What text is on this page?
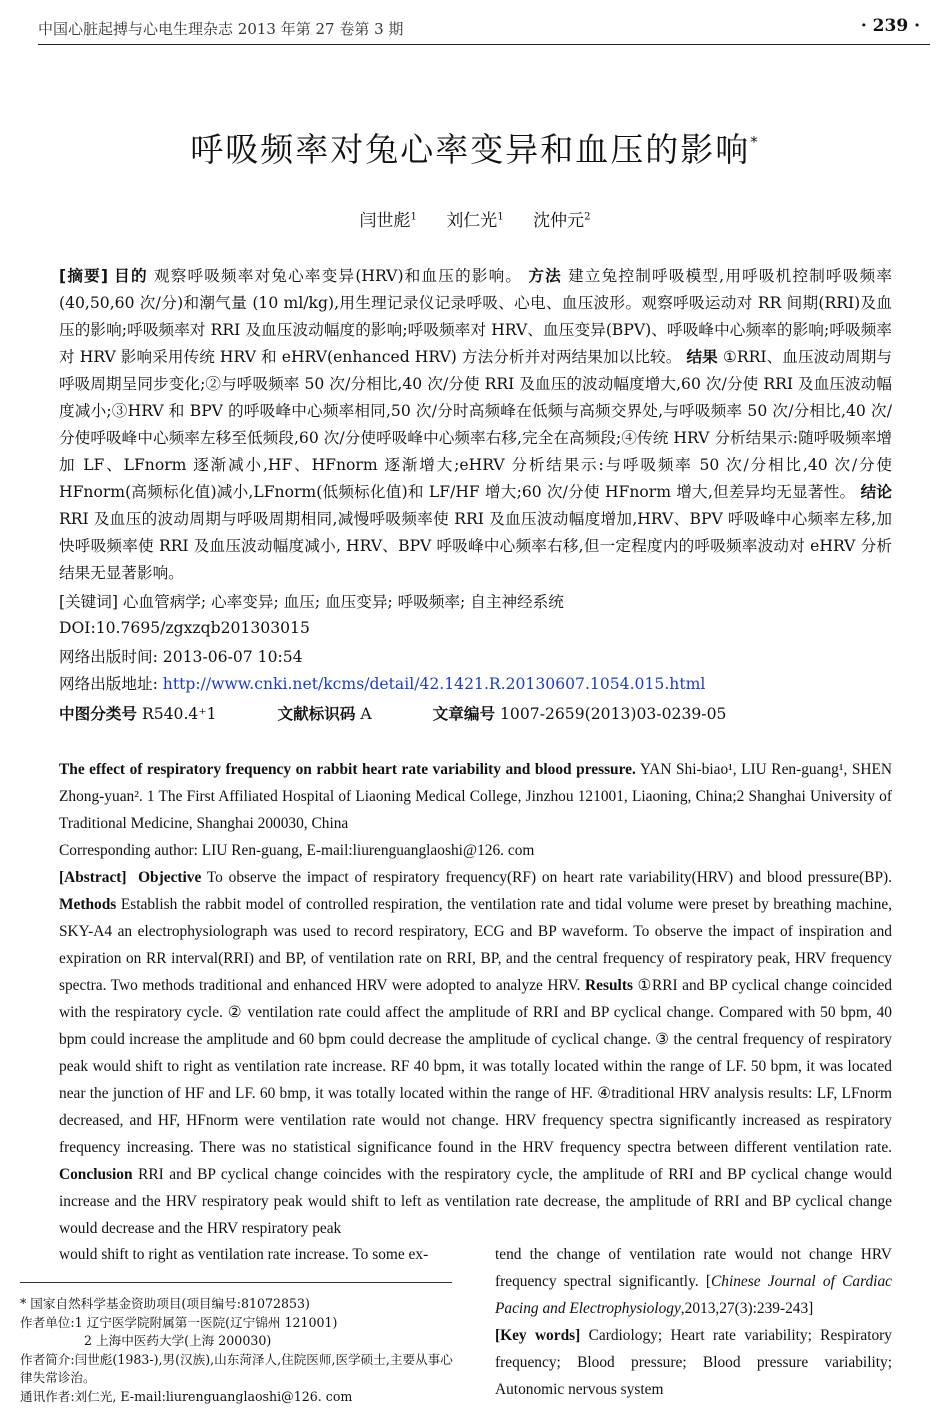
中国心脏起搏与心电生理杂志 2013 年第 27 卷第 3 期	· 239 ·
呼吸频率对兔心率变异和血压的影响*
闫世彪$^1$ 刘仁光$^1$ 沈仲元$^2$
[摘要] 目的 观察呼吸频率对兔心率变异(HRV)和血压的影响。 方法 建立兔控制呼吸模型,用呼吸机控制呼吸频率(40,50,60 次/分)和潮气量 (10 ml/kg),用生理记录仪记录呼吸、心电、血压波形。观察呼吸运动对 RR 间期(RRI)及血压的影响;呼吸频率对 RRI 及血压波动幅度的影响;呼吸频率对 HRV、血压变异(BPV)、呼吸峰中心频率的影响;呼吸频率对 HRV 影响采用传统 HRV 和 eHRV(enhanced HRV) 方法分析并对两结果加以比较。 结果 ①RRI、血压波动周期与呼吸周期呈同步变化;②与呼吸频率 50 次/分相比,40 次/分使 RRI 及血压的波动幅度增大,60 次/分使 RRI 及血压波动幅度减小;③HRV 和 BPV 的呼吸峰中心频率相同,50 次/分时高频峰在低频与高频交界处,与呼吸频率 50 次/分相比,40 次/分使呼吸峰中心频率左移至低频段,60 次/分使呼吸峰中心频率右移,完全在高频段;④传统 HRV 分析结果示:随呼吸频率增加 LF、LFnorm 逐渐减小,HF、HFnorm 逐渐增大;eHRV 分析结果示:与呼吸频率 50 次/分相比,40 次/分使 HFnorm(高频标化值)减小,LFnorm(低频标化值)和 LF/HF 增大;60 次/分使 HFnorm 增大,但差异均无显著性。 结论 RRI 及血压的波动周期与呼吸周期相同,减慢呼吸频率使 RRI 及血压波动幅度增加,HRV、BPV 呼吸峰中心频率左移,加快呼吸频率使 RRI 及血压波动幅度减小, HRV、BPV 呼吸峰中心频率右移,但一定程度内的呼吸频率波动对 eHRV 分析结果无显著影响。
[关键词] 心血管病学; 心率变异; 血压; 血压变异; 呼吸频率; 自主神经系统
DOI:10.7695/zgxzqb201303015
网络出版时间: 2013-06-07 10:54
网络出版地址: http://www.cnki.net/kcms/detail/42.1421.R.20130607.1054.015.html
中图分类号 R540.4⁺1	文献标识码 A	文章编号 1007-2659(2013)03-0239-05
The effect of respiratory frequency on rabbit heart rate variability and blood pressure. YAN Shi-biao¹, LIU Ren-guang¹, SHEN Zhong-yuan². 1 The First Affiliated Hospital of Liaoning Medical College, Jinzhou 121001, Liaoning, China;2 Shanghai University of Traditional Medicine, Shanghai 200030, China
Corresponding author: LIU Ren-guang, E-mail:liurenguanglaoshi@126. com
[Abstract] Objective To observe the impact of respiratory frequency(RF) on heart rate variability(HRV) and blood pressure(BP). Methods Establish the rabbit model of controlled respiration, the ventilation rate and tidal volume were preset by breathing machine, SKY-A4 an electrophysiolograph was used to record respiratory, ECG and BP waveform. To observe the impact of inspiration and expiration on RR interval(RRI) and BP, of ventilation rate on RRI, BP, and the central frequency of respiratory peak, HRV frequency spectra. Two methods traditional and enhanced HRV were adopted to analyze HRV. Results ①RRI and BP cyclical change coincided with the respiratory cycle. ② ventilation rate could affect the amplitude of RRI and BP cyclical change. Compared with 50 bpm, 40 bpm could increase the amplitude and 60 bpm could decrease the amplitude of cyclical change. ③ the central frequency of respiratory peak would shift to right as ventilation rate increase. RF 40 bpm, it was totally located within the range of LF. 50 bpm, it was located near the junction of HF and LF. 60 bmp, it was totally located within the range of HF. ④traditional HRV analysis results: LF, LFnorm decreased, and HF, HFnorm were ventilation rate would not change. HRV frequency spectra significantly increased as respiratory frequency increasing. There was no statistical significance found in the HRV frequency spectra between different ventilation rate. Conclusion RRI and BP cyclical change coincides with the respiratory cycle, the amplitude of RRI and BP cyclical change would increase and the HRV respiratory peak would shift to left as ventilation rate decrease, the amplitude of RRI and BP cyclical change would decrease and the HRV respiratory peak
would shift to right as ventilation rate increase. To some ex-	tend the change of ventilation rate would not change HRV frequency spectral significantly. [Chinese Journal of Cardiac Pacing and Electrophysiology,2013,27(3):239-243]
[Key words] Cardiology; Heart rate variability; Respiratory frequency; Blood pressure; Blood pressure variability; Autonomic nervous system
* 国家自然科学基金资助项目(项目编号:81072853)
作者单位:1 辽宁医学院附属第一医院(辽宁锦州 121001)
2 上海中医药大学(上海 200030)
作者简介:闫世彪(1983-),男(汉族),山东菏泽人,住院医师,医学硕士,主要从事心律失常诊治。
通讯作者:刘仁光, E-mail:liurenguanglaoshi@126. com
